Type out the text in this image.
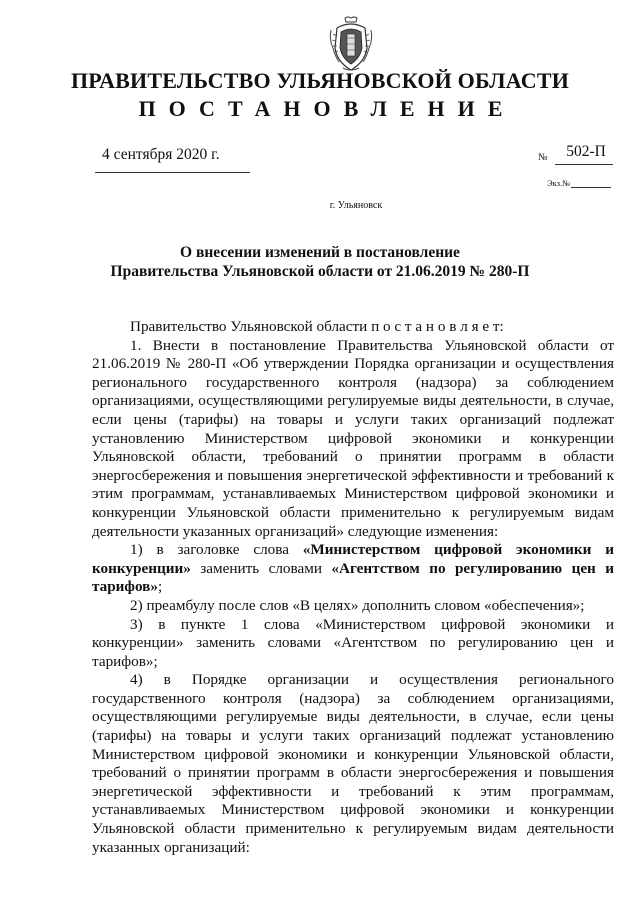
ПРАВИТЕЛЬСТВО УЛЬЯНОВСКОЙ ОБЛАСТИ
ПОСТАНОВЛЕНИЕ
4 сентября 2020 г.	№	502-П
Экз.№
г. Ульяновск
О внесении изменений в постановление
Правительства Ульяновской области от 21.06.2019 № 280-П

Правительство Ульяновской области п о с т а н о в л я е т:

1. Внести в постановление Правительства Ульяновской области от 21.06.2019 № 280-П «Об утверждении Порядка организации и осуществления регионального государственного контроля (надзора) за соблюдением организациями, осуществляющими регулируемые виды деятельности, в случае, если цены (тарифы) на товары и услуги таких организаций подлежат установлению Министерством цифровой экономики и конкуренции Ульяновской области, требований о принятии программ в области энергосбережения и повышения энергетической эффективности и требований к этим программам, устанавливаемых Министерством цифровой экономики и конкуренции Ульяновской области применительно к регулируемым видам деятельности указанных организаций» следующие изменения:

1) в заголовке слова «Министерством цифровой экономики и конкуренции» заменить словами «Агентством по регулированию цен и тарифов»;

2) преамбулу после слов «В целях» дополнить словом «обеспечения»;

3) в пункте 1 слова «Министерством цифровой экономики и конкуренции» заменить словами «Агентством по регулированию цен и тарифов»;

4) в Порядке организации и осуществления регионального государственного контроля (надзора) за соблюдением организациями, осуществляющими регулируемые виды деятельности, в случае, если цены (тарифы) на товары и услуги таких организаций подлежат установлению Министерством цифровой экономики и конкуренции Ульяновской области, требований о принятии программ в области энергосбережения и повышения энергетической эффективности и требований к этим программам, устанавливаемых Министерством цифровой экономики и конкуренции Ульяновской области применительно к регулируемым видам деятельности указанных организаций:
